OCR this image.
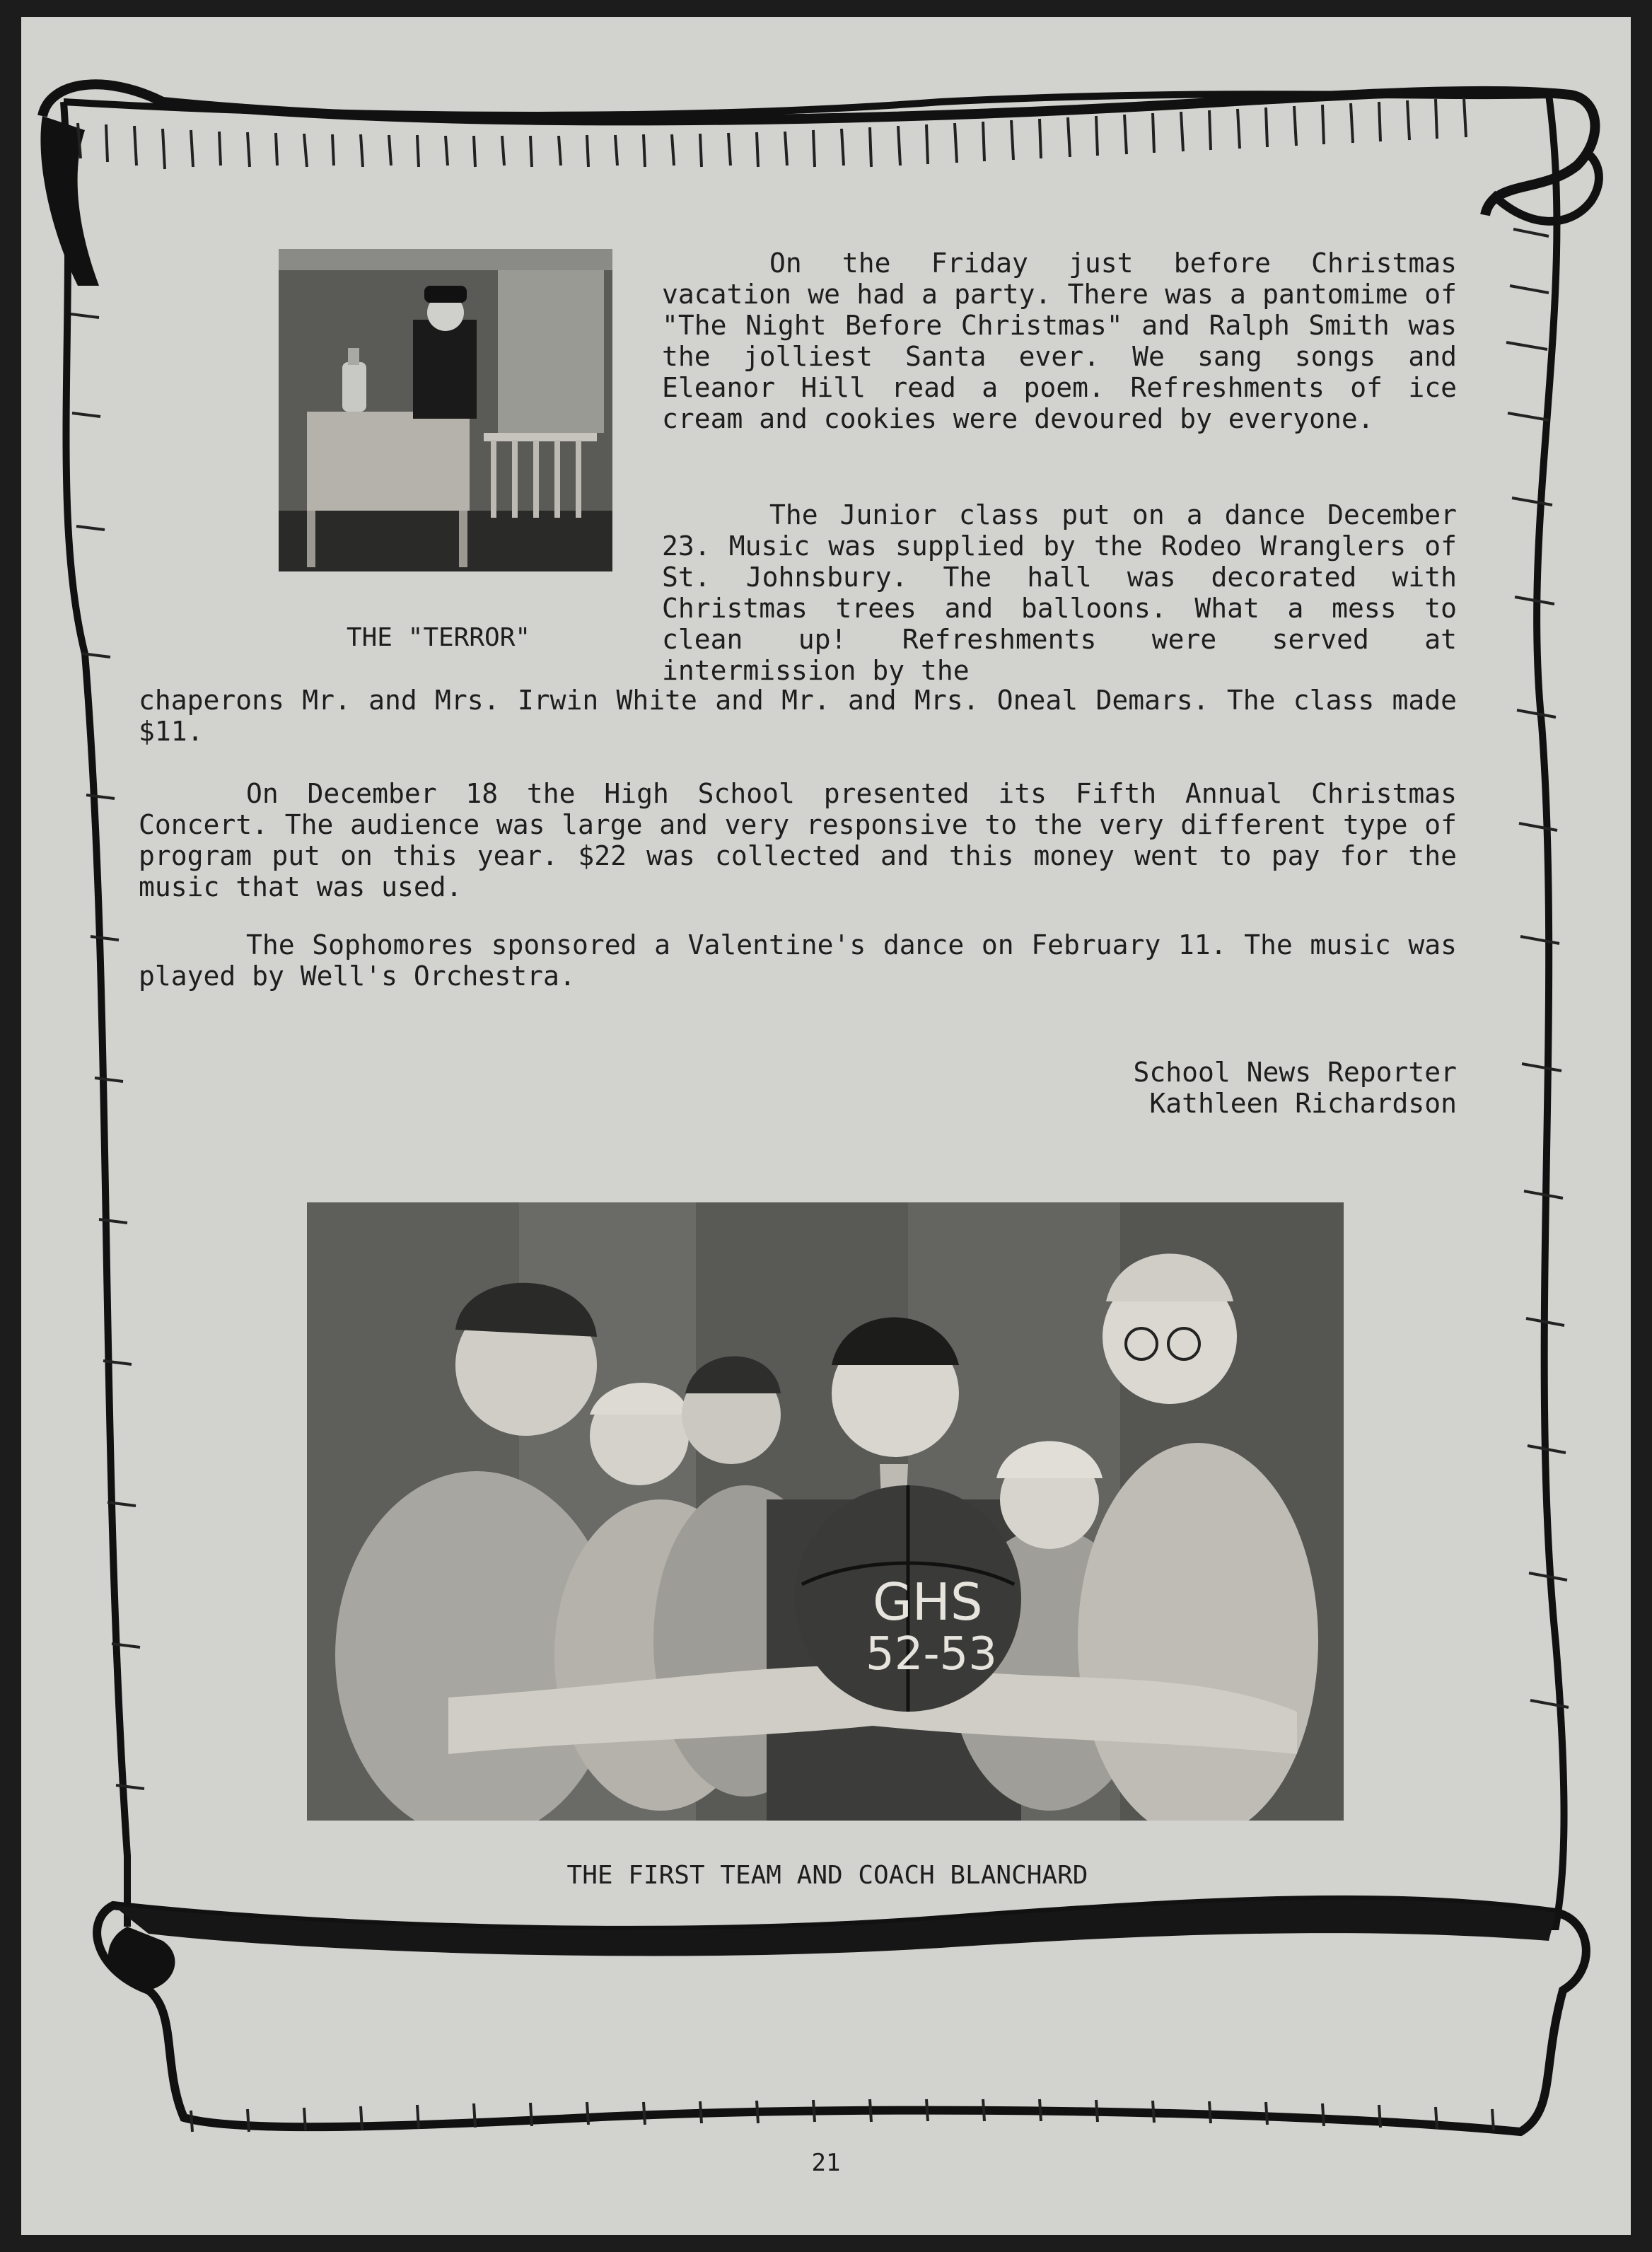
THE "TERROR"

On the Friday just before Christmas vacation we had a party. There was a pantomime of "The Night Before Christmas" and Ralph Smith was the jolliest Santa ever. We sang songs and Eleanor Hill read a poem. Refreshments of ice cream and cookies were devoured by everyone.

The Junior class put on a dance December 23. Music was supplied by the Rodeo Wranglers of St. Johnsbury. The hall was decorated with Christmas trees and balloons. What a mess to clean up! Refreshments were served at intermission by the

chaperons Mr. and Mrs. Irwin White and Mr. and Mrs. Oneal Demars. The class made $11.

On December 18 the High School presented its Fifth Annual Christmas Concert. The audience was large and very responsive to the very different type of program put on this year. $22 was collected and this money went to pay for the music that was used.

The Sophomores sponsored a Valentine's dance on February 11. The music was played by Well's Orchestra.

School News Reporter
Kathleen Richardson
GHS
52-53
THE FIRST TEAM AND COACH BLANCHARD
21
